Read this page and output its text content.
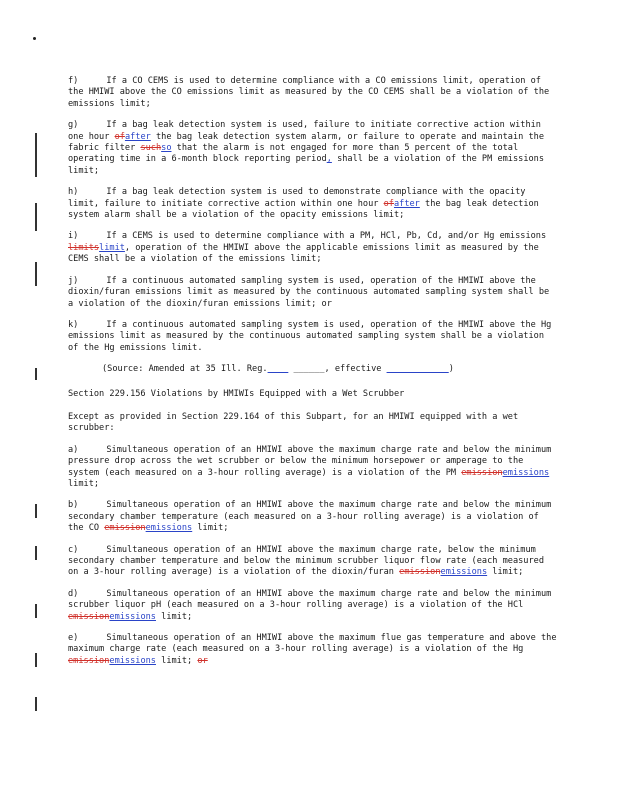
f)	If a CO CEMS is used to determine compliance with a CO emissions limit, operation of the HMIWI above the CO emissions limit as measured by the CO CEMS shall be a violation of the emissions limit;

g)	If a bag leak detection system is used, failure to initiate corrective action within one hour ofafter the bag leak detection system alarm, or failure to operate and maintain the fabric filter suchso that the alarm is not engaged for more than 5 percent of the total operating time in a 6-month block reporting period, shall be a violation of the PM emissions limit;

h)	If a bag leak detection system is used to demonstrate compliance with the opacity limit, failure to initiate corrective action within one hour ofafter the bag leak detection system alarm shall be a violation of the opacity emissions limit;

i)	If a CEMS is used to determine compliance with a PM, HCl, Pb, Cd, and/or Hg emissions limitslimit, operation of the HMIWI above the applicable emissions limit as measured by the CEMS shall be a violation of the emissions limit;

j)	If a continuous automated sampling system is used, operation of the HMIWI above the dioxin/furan emissions limit as measured by the continuous automated sampling system shall be a violation of the dioxin/furan emissions limit; or

k)	If a continuous automated sampling system is used, operation of the HMIWI above the Hg emissions limit as measured by the continuous automated sampling system shall be a violation of the Hg emissions limit.

(Source: Amended at 35 Ill. Reg.____ ______, effective ____________)

Section 229.156 Violations by HMIWIs Equipped with a Wet Scrubber

Except as provided in Section 229.164 of this Subpart, for an HMIWI equipped with a wet scrubber:

a)	Simultaneous operation of an HMIWI above the maximum charge rate and below the minimum pressure drop across the wet scrubber or below the minimum horsepower or amperage to the system (each measured on a 3-hour rolling average) is a violation of the PM emissionemissions limit;

b)	Simultaneous operation of an HMIWI above the maximum charge rate and below the minimum secondary chamber temperature (each measured on a 3-hour rolling average) is a violation of the CO emissionemissions limit;

c)	Simultaneous operation of an HMIWI above the maximum charge rate, below the minimum secondary chamber temperature and below the minimum scrubber liquor flow rate (each measured on a 3-hour rolling average) is a violation of the dioxin/furan emissionemissions limit;

d)	Simultaneous operation of an HMIWI above the maximum charge rate and below the minimum scrubber liquor pH (each measured on a 3-hour rolling average) is a violation of the HCl emissionemissions limit;

e)	Simultaneous operation of an HMIWI above the maximum flue gas temperature and above the maximum charge rate (each measured on a 3-hour rolling average) is a violation of the Hg emissionemissions limit; or
